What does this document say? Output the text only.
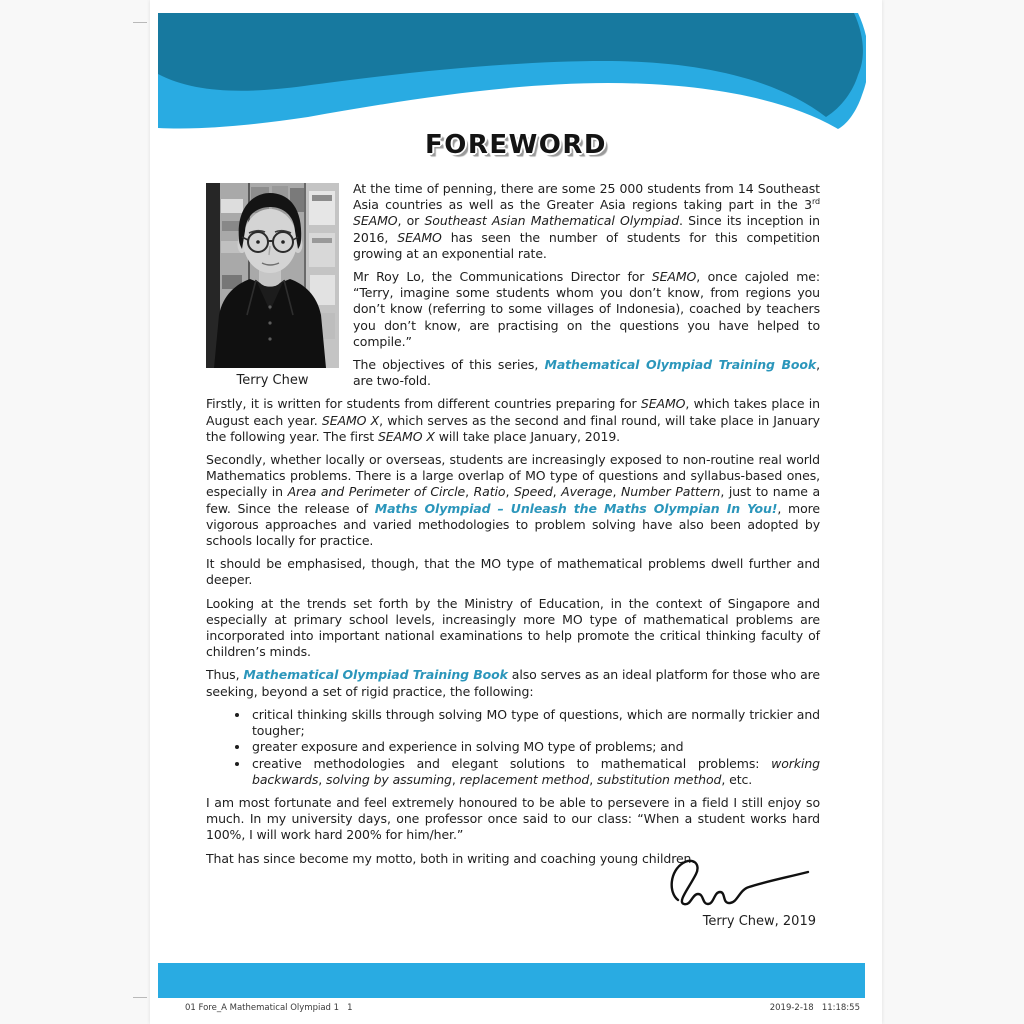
FOREWORD
Terry Chew

At the time of penning, there are some 25 000 students from 14 Southeast Asia countries as well as the Greater Asia regions taking part in the 3rd SEAMO, or Southeast Asian Mathematical Olympiad. Since its inception in 2016, SEAMO has seen the number of students for this competition growing at an exponential rate.

Mr Roy Lo, the Communications Director for SEAMO, once cajoled me: “Terry, imagine some students whom you don’t know, from regions you don’t know (referring to some villages of Indonesia), coached by teachers you don’t know, are practising on the questions you have helped to compile.”

The objectives of this series, Mathematical Olympiad Training Book, are two-fold.

Firstly, it is written for students from different countries preparing for SEAMO, which takes place in August each year. SEAMO X, which serves as the second and final round, will take place in January the following year. The first SEAMO X will take place January, 2019.

Secondly, whether locally or overseas, students are increasingly exposed to non-routine real world Mathematics problems. There is a large overlap of MO type of questions and syllabus-based ones, especially in Area and Perimeter of Circle, Ratio, Speed, Average, Number Pattern, just to name a few. Since the release of Maths Olympiad – Unleash the Maths Olympian In You!, more vigorous approaches and varied methodologies to problem solving have also been adopted by schools locally for practice.

It should be emphasised, though, that the MO type of mathematical problems dwell further and deeper.

Looking at the trends set forth by the Ministry of Education, in the context of Singapore and especially at primary school levels, increasingly more MO type of mathematical problems are incorporated into important national examinations to help promote the critical thinking faculty of children’s minds.

Thus, Mathematical Olympiad Training Book also serves as an ideal platform for those who are seeking, beyond a set of rigid practice, the following:

• critical thinking skills through solving MO type of questions, which are normally trickier and tougher;
• greater exposure and experience in solving MO type of problems; and
• creative methodologies and elegant solutions to mathematical problems: working backwards, solving by assuming, replacement method, substitution method, etc.

I am most fortunate and feel extremely honoured to be able to persevere in a field I still enjoy so much. In my university days, one professor once said to our class: “When a student works hard 100%, I will work hard 200% for him/her.”

That has since become my motto, both in writing and coaching young children.

Terry Chew, 2019
01 Fore_A Mathematical Olympiad 1   1	2019-2-18   11:18:55
